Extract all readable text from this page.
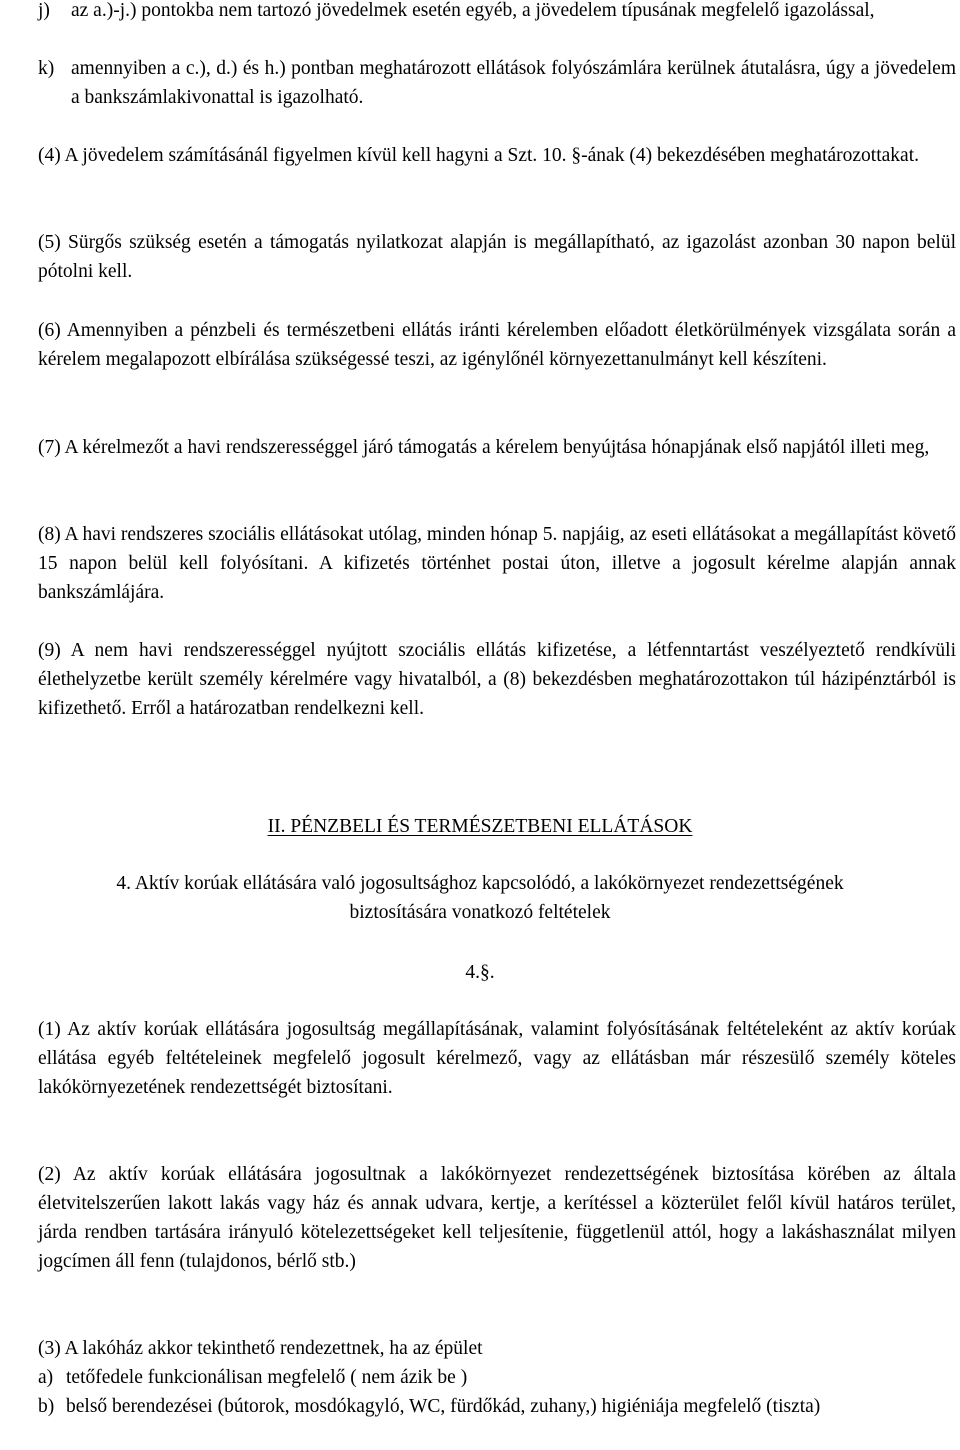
j) az a.)-j.) pontokba nem tartozó jövedelmek esetén egyéb, a jövedelem típusának megfelelő igazolással,
k) amennyiben a c.), d.) és h.) pontban meghatározott ellátások folyószámlára kerülnek átutalásra, úgy a jövedelem a bankszámlakivonattal is igazolható.

(4) A jövedelem számításánál figyelmen kívül kell hagyni a Szt. 10. §-ának (4) bekezdésében meghatározottakat.

(5) Sürgős szükség esetén a támogatás nyilatkozat alapján is megállapítható, az igazolást azonban 30 napon belül pótolni kell.

(6) Amennyiben a pénzbeli és természetbeni ellátás iránti kérelemben előadott életkörülmények vizsgálata során a kérelem megalapozott elbírálása szükségessé teszi, az igénylőnél környezettanulmányt kell készíteni.

(7) A kérelmezőt a havi rendszerességgel járó támogatás a kérelem benyújtása hónapjának első napjától illeti meg,

(8) A havi rendszeres szociális ellátásokat utólag, minden hónap 5. napjáig, az eseti ellátásokat a megállapítást követő 15 napon belül kell folyósítani. A kifizetés történhet postai úton, illetve a jogosult kérelme alapján annak bankszámlájára.

(9) A nem havi rendszerességgel nyújtott szociális ellátás kifizetése, a létfenntartást veszélyeztető rendkívüli élethelyzetbe került személy kérelmére vagy hivatalból, a (8) bekezdésben meghatározottakon túl házipénztárból is kifizethető. Erről a határozatban rendelkezni kell.

II. PÉNZBELI ÉS TERMÉSZETBENI ELLÁTÁSOK
4. Aktív korúak ellátására való jogosultsághoz kapcsolódó, a lakókörnyezet rendezettségének
biztosítására vonatkozó feltételek
4.§.

(1) Az aktív korúak ellátására jogosultság megállapításának, valamint folyósításának feltételeként az aktív korúak ellátása egyéb feltételeinek megfelelő jogosult kérelmező, vagy az ellátásban már részesülő személy köteles lakókörnyezetének rendezettségét biztosítani.

(2) Az aktív korúak ellátására jogosultnak a lakókörnyezet rendezettségének biztosítása körében az általa életvitelszerűen lakott lakás vagy ház és annak udvara, kertje, a kerítéssel a közterület felől kívül határos terület, járda rendben tartására irányuló kötelezettségeket kell teljesítenie, függetlenül attól, hogy a lakáshasználat milyen jogcímen áll fenn (tulajdonos, bérlő stb.)

(3) A lakóház akkor tekinthető rendezettnek, ha az épület

a) tetőfedele funkcionálisan megfelelő ( nem ázik be )
b) belső berendezései (bútorok, mosdókagyló, WC, fürdőkád, zuhany,) higiéniája megfelelő (tiszta)
